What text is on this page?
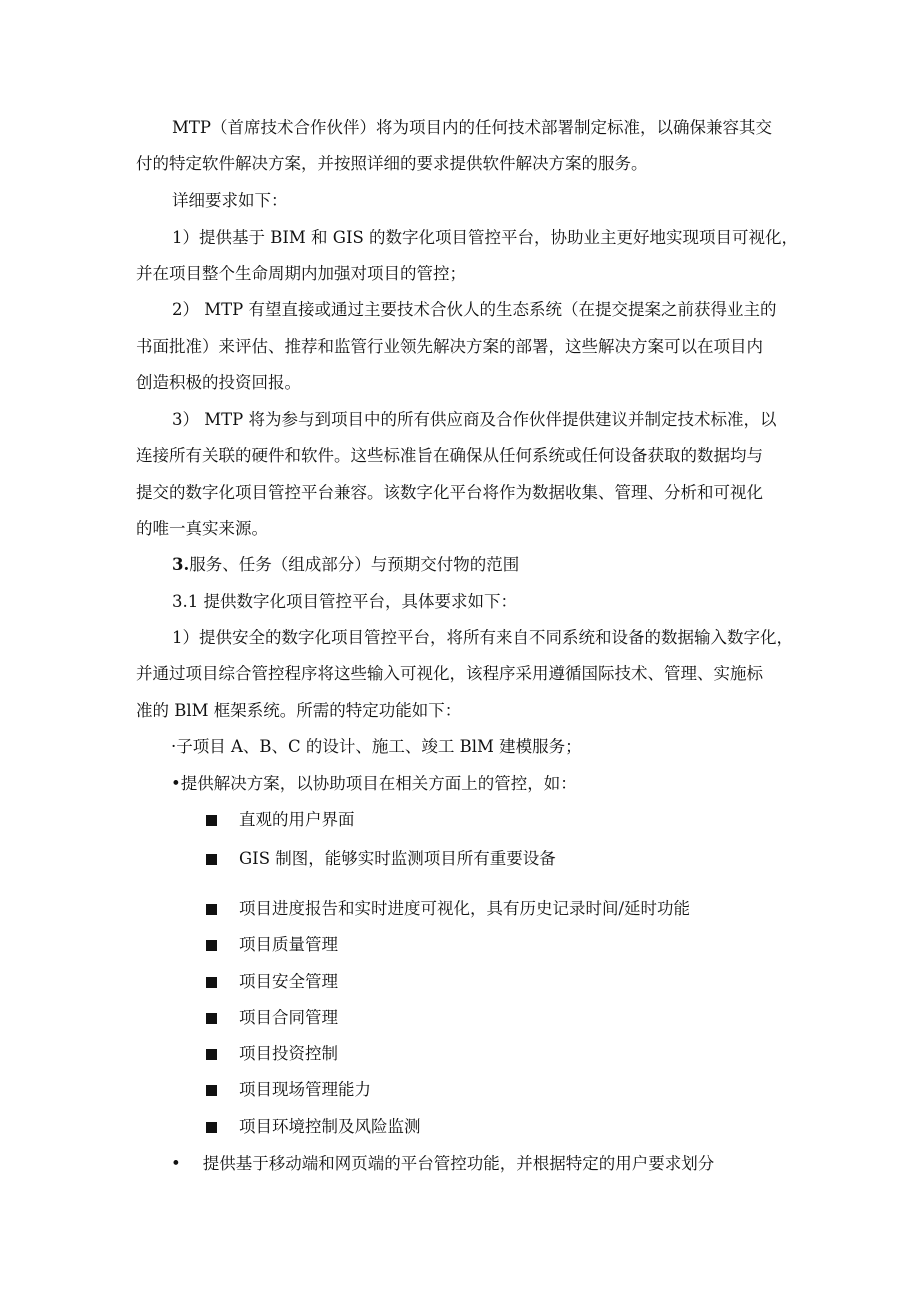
MTP（首席技术合作伙伴）将为项目内的任何技术部署制定标准，以确保兼容其交
付的特定软件解决方案，并按照详细的要求提供软件解决方案的服务。
详细要求如下：
1）提供基于 BIM 和 GIS 的数字化项目管控平台，协助业主更好地实现项目可视化，
并在项目整个生命周期内加强对项目的管控；
2） MTP 有望直接或通过主要技术合伙人的生态系统（在提交提案之前获得业主的
书面批准）来评估、推荐和监管行业领先解决方案的部署，这些解决方案可以在项目内
创造积极的投资回报。
3） MTP 将为参与到项目中的所有供应商及合作伙伴提供建议并制定技术标准，以
连接所有关联的硬件和软件。这些标准旨在确保从任何系统或任何设备获取的数据均与
提交的数字化项目管控平台兼容。该数字化平台将作为数据收集、管理、分析和可视化
的唯一真实来源。
3.服务、任务（组成部分）与预期交付物的范围
3.1 提供数字化项目管控平台，具体要求如下：
1）提供安全的数字化项目管控平台，将所有来自不同系统和设备的数据输入数字化，
并通过项目综合管控程序将这些输入可视化，该程序采用遵循国际技术、管理、实施标
准的 BlM 框架系统。所需的特定功能如下：
·子项目 A、B、C 的设计、施工、竣工 BlM 建模服务；
•提供解决方案，以协助项目在相关方面上的管控，如：
直观的用户界面
GIS 制图，能够实时监测项目所有重要设备
项目进度报告和实时进度可视化，具有历史记录时间/延时功能
项目质量管理
项目安全管理
项目合同管理
项目投资控制
项目现场管理能力
项目环境控制及风险监测
• 提供基于移动端和网页端的平台管控功能，并根据特定的用户要求划分
